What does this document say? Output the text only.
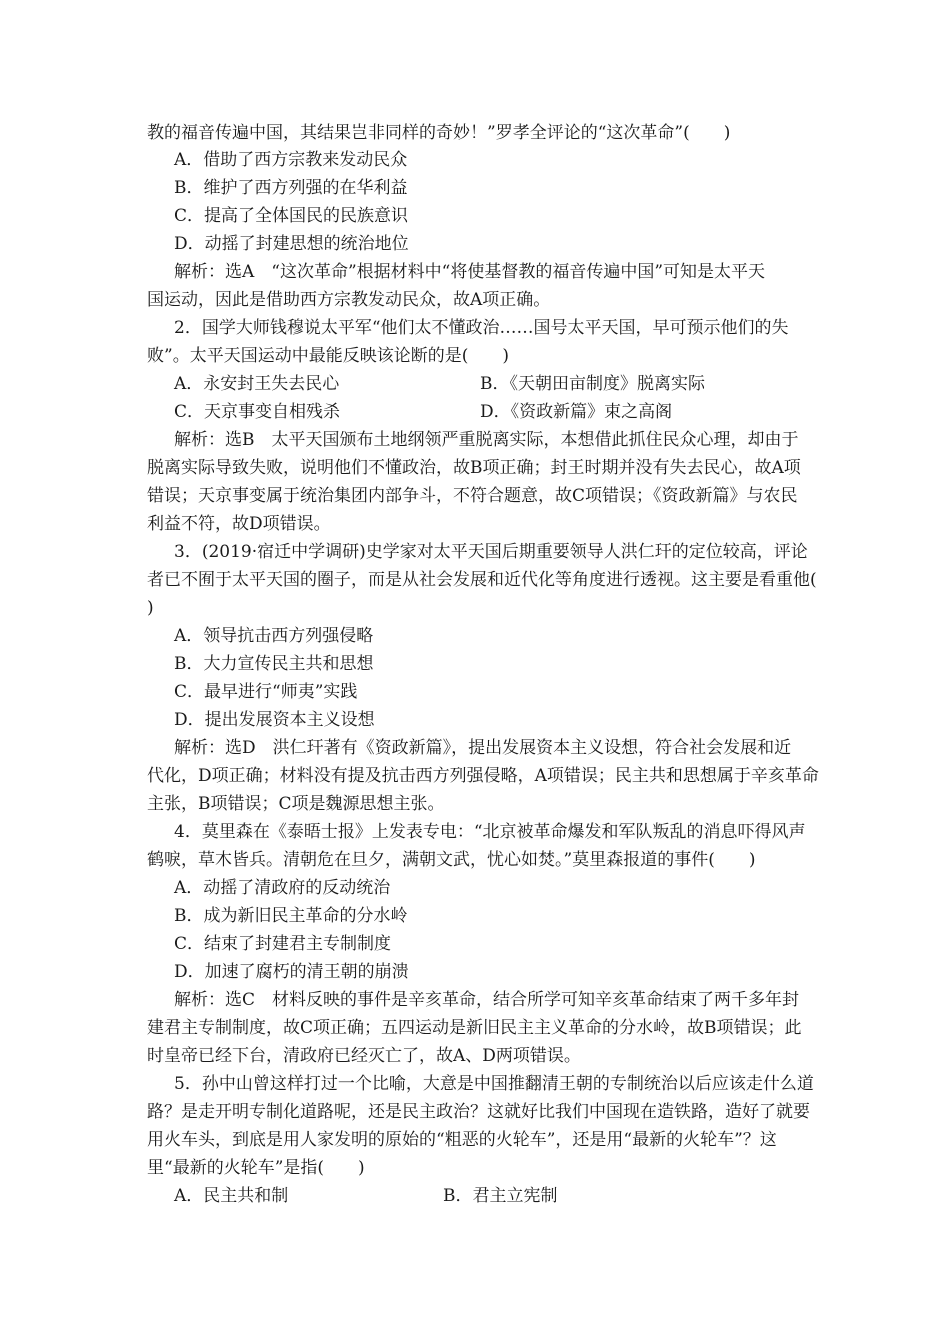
教的福音传遍中国，其结果岂非同样的奇妙！”罗孝全评论的“这次革命”(　　)
A．借助了西方宗教来发动民众
B．维护了西方列强的在华利益
C．提高了全体国民的民族意识
D．动摇了封建思想的统治地位
解析：选A　“这次革命”根据材料中“将使基督教的福音传遍中国”可知是太平天
国运动，因此是借助西方宗教发动民众，故A项正确。
2．国学大师钱穆说太平军“他们太不懂政治……国号太平天国，早可预示他们的失
败”。太平天国运动中最能反映该论断的是(　　)
A．永安封王失去民心	B．《天朝田亩制度》脱离实际
C．天京事变自相残杀	D．《资政新篇》束之高阁
解析：选B　太平天国颁布土地纲领严重脱离实际，本想借此抓住民众心理，却由于
脱离实际导致失败，说明他们不懂政治，故B项正确；封王时期并没有失去民心，故A项
错误；天京事变属于统治集团内部争斗，不符合题意，故C项错误；《资政新篇》与农民
利益不符，故D项错误。
3．(2019·宿迁中学调研)史学家对太平天国后期重要领导人洪仁玕的定位较高，评论
者已不囿于太平天国的圈子，而是从社会发展和近代化等角度进行透视。这主要是看重他(
)
A．领导抗击西方列强侵略
B．大力宣传民主共和思想
C．最早进行“师夷”实践
D．提出发展资本主义设想
解析：选D　洪仁玕著有《资政新篇》，提出发展资本主义设想，符合社会发展和近
代化，D项正确；材料没有提及抗击西方列强侵略，A项错误；民主共和思想属于辛亥革命
主张，B项错误；C项是魏源思想主张。
4．莫里森在《泰晤士报》上发表专电：“北京被革命爆发和军队叛乱的消息吓得风声
鹤唳，草木皆兵。清朝危在旦夕，满朝文武，忧心如焚。”莫里森报道的事件(　　)
A．动摇了清政府的反动统治
B．成为新旧民主革命的分水岭
C．结束了封建君主专制制度
D．加速了腐朽的清王朝的崩溃
解析：选C　材料反映的事件是辛亥革命，结合所学可知辛亥革命结束了两千多年封
建君主专制制度，故C项正确；五四运动是新旧民主主义革命的分水岭，故B项错误；此
时皇帝已经下台，清政府已经灭亡了，故A、D两项错误。
5．孙中山曾这样打过一个比喻，大意是中国推翻清王朝的专制统治以后应该走什么道
路？是走开明专制化道路呢，还是民主政治？这就好比我们中国现在造铁路，造好了就要
用火车头，到底是用人家发明的原始的“粗恶的火轮车”，还是用“最新的火轮车”？这
里“最新的火轮车”是指(　　)
A．民主共和制	B．君主立宪制
